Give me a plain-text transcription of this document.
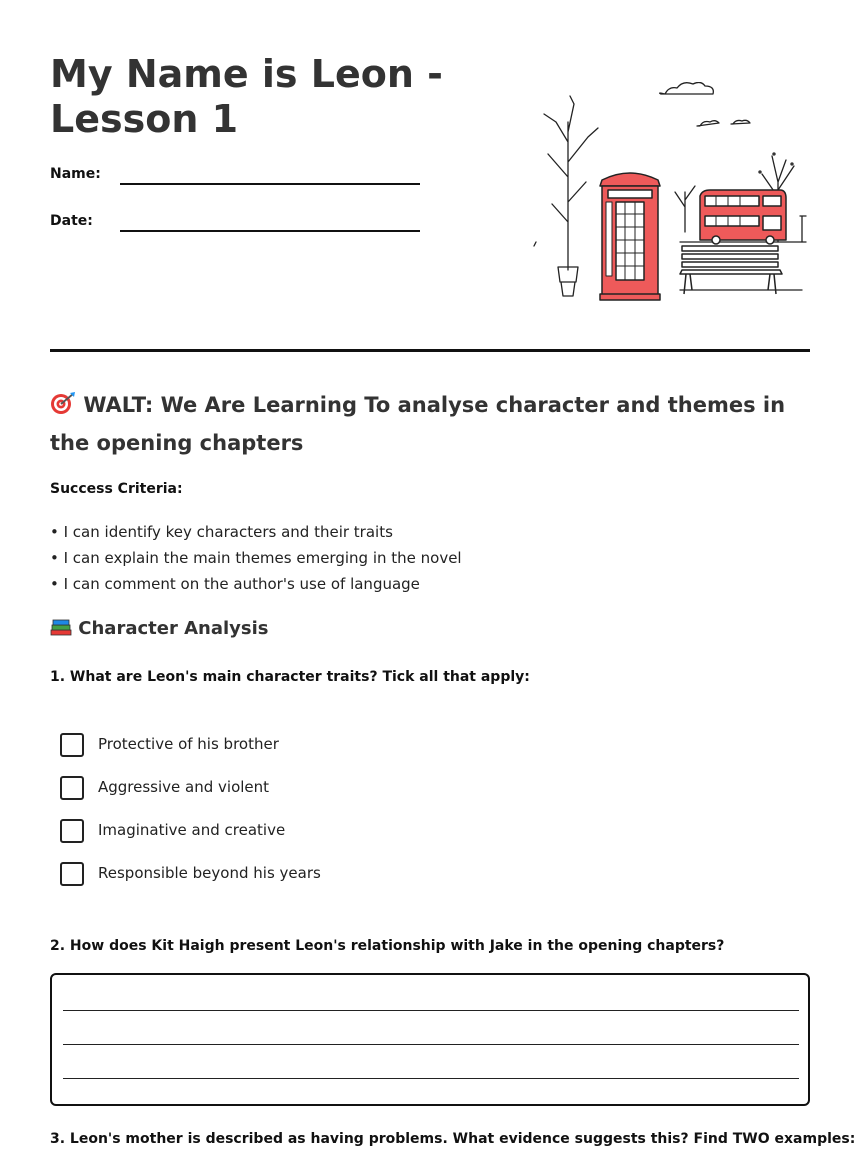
My Name is Leon - Lesson 1
Name:
Date:
WALT: We Are Learning To analyse character and themes in the opening chapters
Success Criteria:
• I can identify key characters and their traits
• I can explain the main themes emerging in the novel
• I can comment on the author's use of language
Character Analysis
1. What are Leon's main character traits? Tick all that apply:
Protective of his brother
Aggressive and violent
Imaginative and creative
Responsible beyond his years
2. How does Kit Haigh present Leon's relationship with Jake in the opening chapters?
3. Leon's mother is described as having problems. What evidence suggests this? Find TWO examples:
